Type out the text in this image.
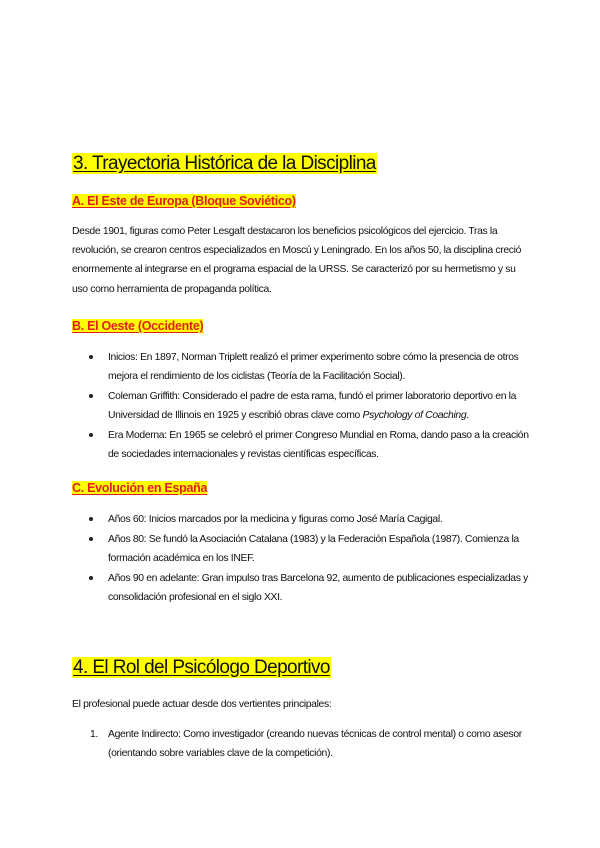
3. Trayectoria Histórica de la Disciplina
A. El Este de Europa (Bloque Soviético)

Desde 1901, figuras como Peter Lesgaft destacaron los beneficios psicológicos del ejercicio. Tras la revolución, se crearon centros especializados en Moscú y Leningrado. En los años 50, la disciplina creció enormemente al integrarse en el programa espacial de la URSS. Se caracterizó por su hermetismo y su uso como herramienta de propaganda política.

B. El Oeste (Occidente)
Inicios: En 1897, Norman Triplett realizó el primer experimento sobre cómo la presencia de otros mejora el rendimiento de los ciclistas (Teoría de la Facilitación Social).
Coleman Griffith: Considerado el padre de esta rama, fundó el primer laboratorio deportivo en la Universidad de Illinois en 1925 y escribió obras clave como Psychology of Coaching.
Era Moderna: En 1965 se celebró el primer Congreso Mundial en Roma, dando paso a la creación de sociedades internacionales y revistas científicas específicas.
C. Evolución en España
Años 60: Inicios marcados por la medicina y figuras como José María Cagigal.
Años 80: Se fundó la Asociación Catalana (1983) y la Federación Española (1987). Comienza la formación académica en los INEF.
Años 90 en adelante: Gran impulso tras Barcelona 92, aumento de publicaciones especializadas y consolidación profesional en el siglo XXI.
4. El Rol del Psicólogo Deportivo

El profesional puede actuar desde dos vertientes principales:

1. Agente Indirecto: Como investigador (creando nuevas técnicas de control mental) o como asesor (orientando sobre variables clave de la competición).
